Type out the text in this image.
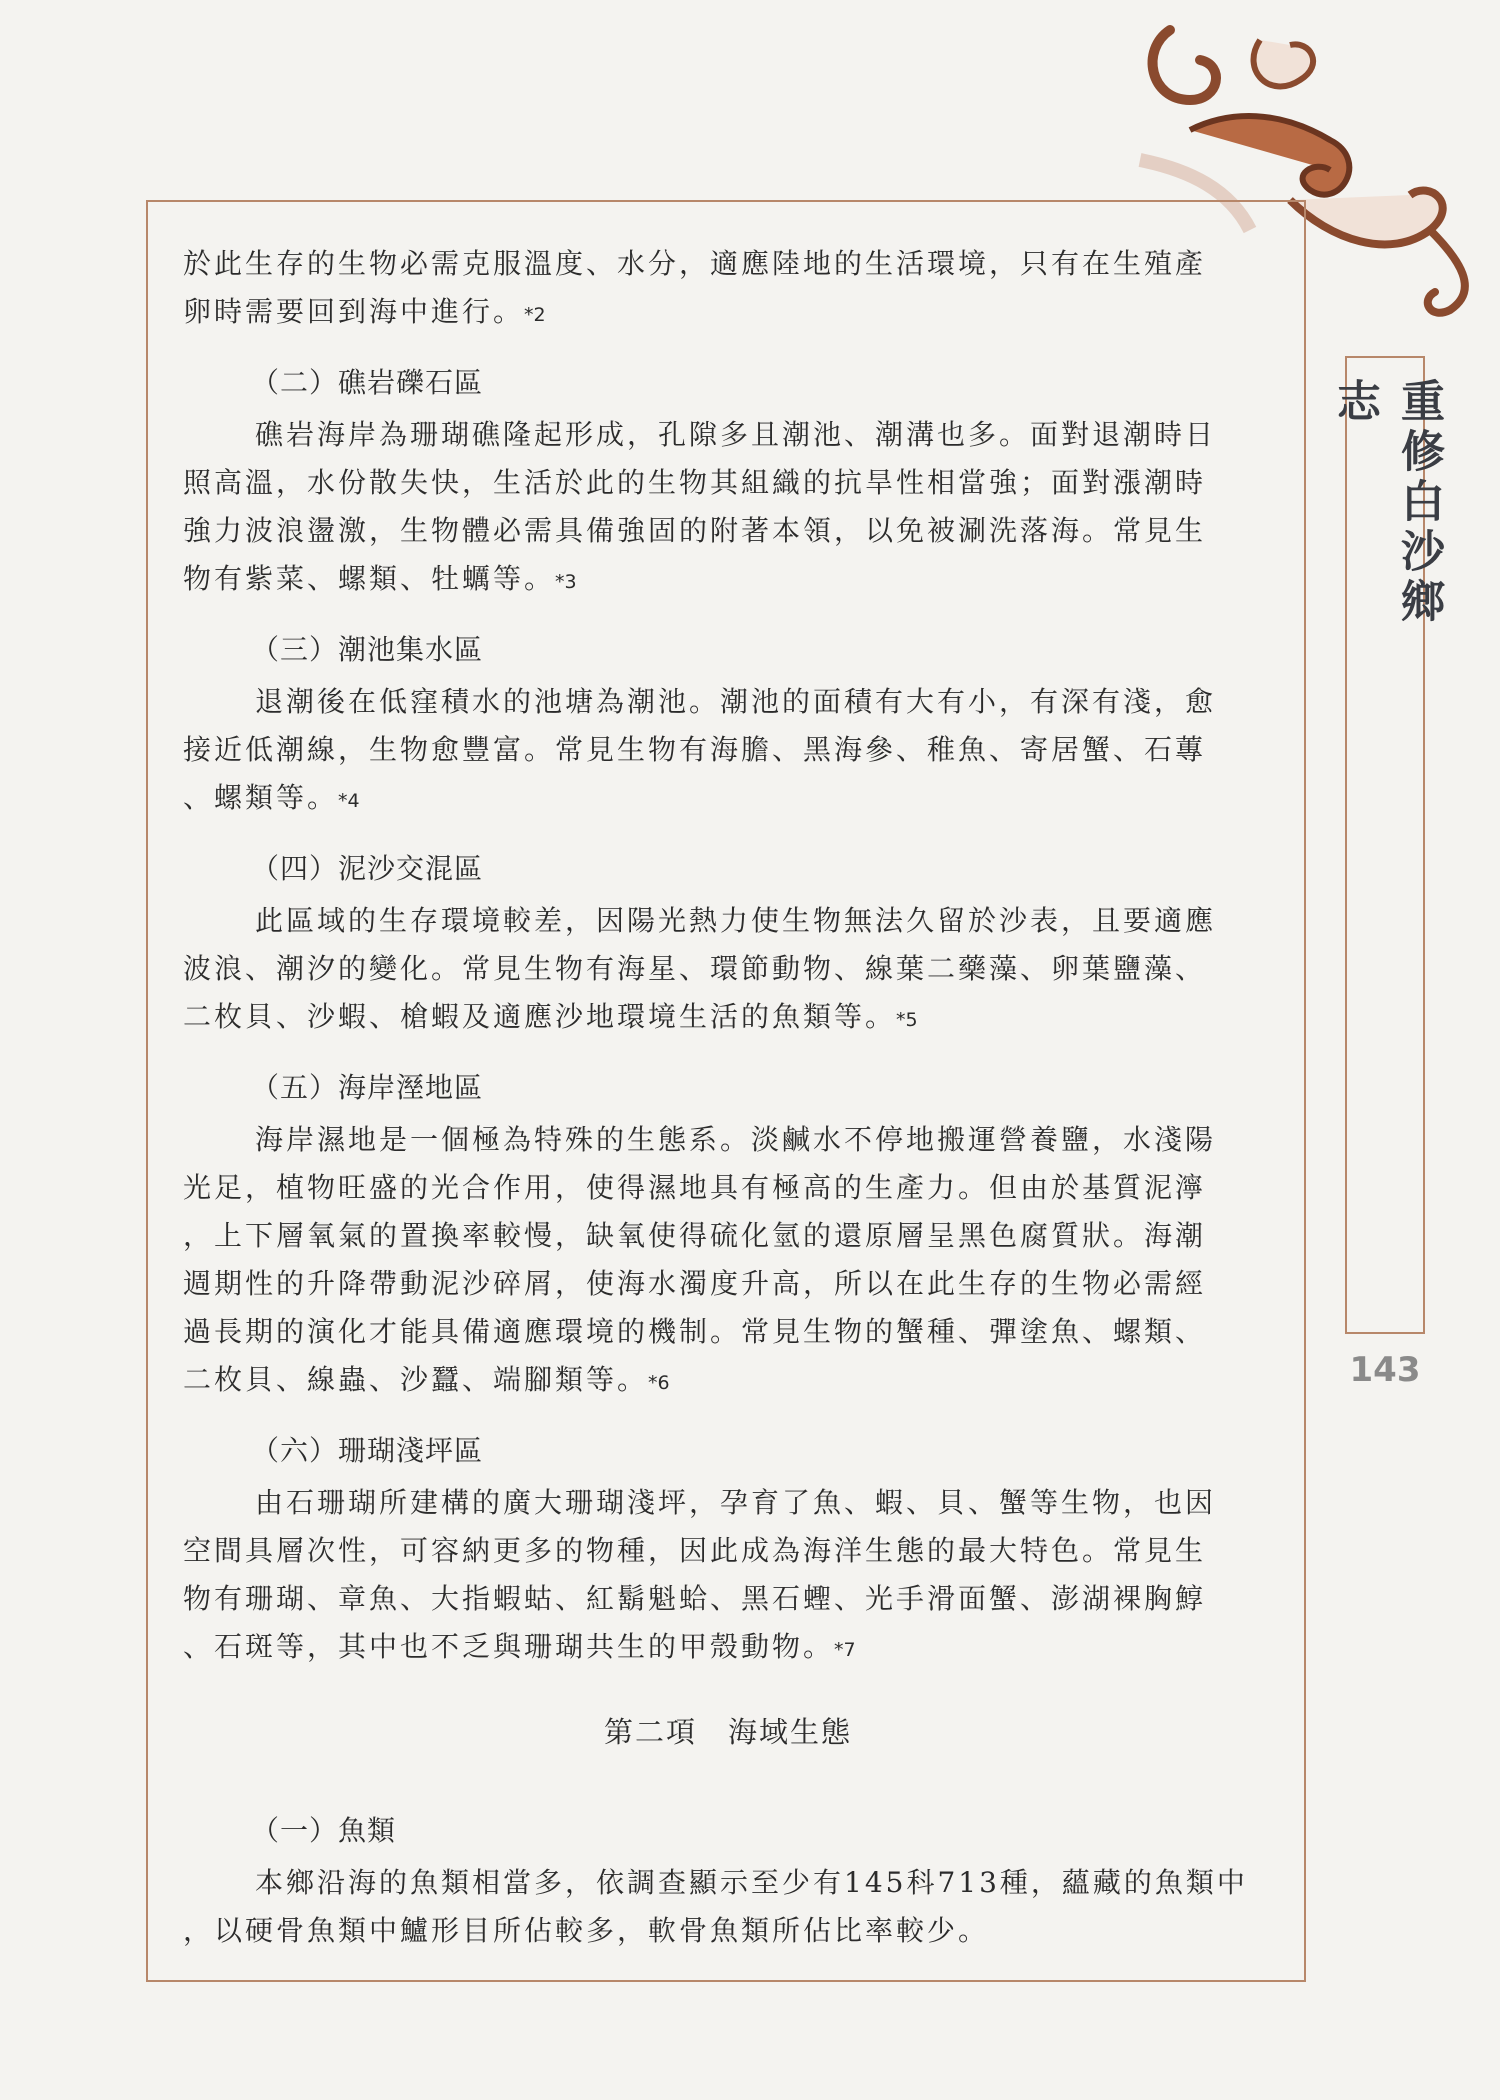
重修白沙鄉志
143
於此生存的生物必需克服溫度、水分，適應陸地的生活環境，只有在生殖產
卵時需要回到海中進行。*2
（二）礁岩礫石區
礁岩海岸為珊瑚礁隆起形成，孔隙多且潮池、潮溝也多。面對退潮時日
照高溫，水份散失快，生活於此的生物其組織的抗旱性相當強；面對漲潮時
強力波浪盪激，生物體必需具備強固的附著本領，以免被涮洗落海。常見生
物有紫菜、螺類、牡蠣等。*3
（三）潮池集水區
退潮後在低窪積水的池塘為潮池。潮池的面積有大有小，有深有淺，愈
接近低潮線，生物愈豐富。常見生物有海膽、黑海參、稚魚、寄居蟹、石蓴
、螺類等。*4
（四）泥沙交混區
此區域的生存環境較差，因陽光熱力使生物無法久留於沙表，且要適應
波浪、潮汐的變化。常見生物有海星、環節動物、線葉二藥藻、卵葉鹽藻、
二枚貝、沙蝦、槍蝦及適應沙地環境生活的魚類等。*5
（五）海岸溼地區
海岸濕地是一個極為特殊的生態系。淡鹹水不停地搬運營養鹽，水淺陽
光足，植物旺盛的光合作用，使得濕地具有極高的生產力。但由於基質泥濘
，上下層氧氣的置換率較慢，缺氧使得硫化氫的還原層呈黑色腐質狀。海潮
週期性的升降帶動泥沙碎屑，使海水濁度升高，所以在此生存的生物必需經
過長期的演化才能具備適應環境的機制。常見生物的蟹種、彈塗魚、螺類、
二枚貝、線蟲、沙蠶、端腳類等。*6
（六）珊瑚淺坪區
由石珊瑚所建構的廣大珊瑚淺坪，孕育了魚、蝦、貝、蟹等生物，也因
空間具層次性，可容納更多的物種，因此成為海洋生態的最大特色。常見生
物有珊瑚、章魚、大指蝦蛄、紅鬍魁蛤、黑石蟶、光手滑面蟹、澎湖裸胸鯙
、石斑等，其中也不乏與珊瑚共生的甲殼動物。*7
第二項　海域生態
（一）魚類
本鄉沿海的魚類相當多，依調查顯示至少有145科713種，蘊藏的魚類中
，以硬骨魚類中鱸形目所佔較多，軟骨魚類所佔比率較少。
